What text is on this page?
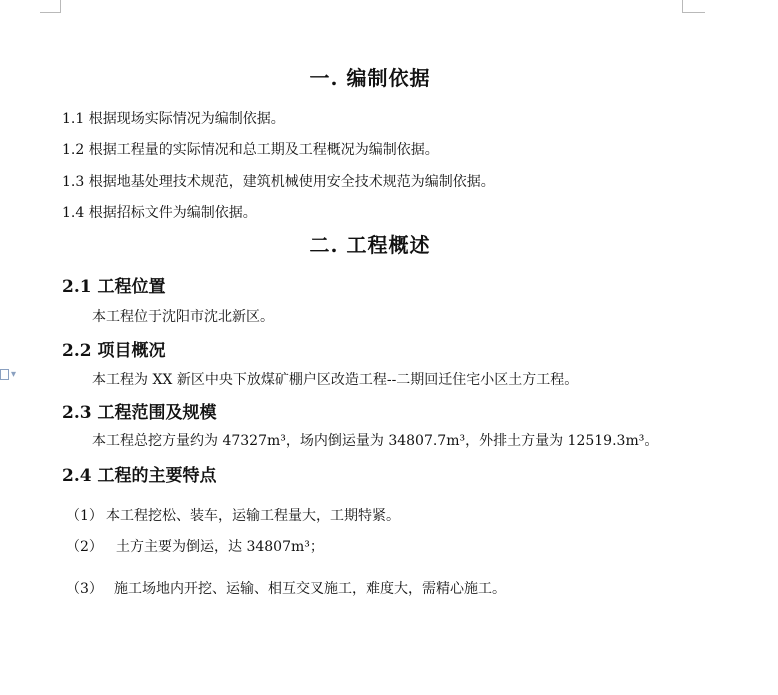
▾
一. 编制依据
1.1 根据现场实际情况为编制依据。
1.2 根据工程量的实际情况和总工期及工程概况为编制依据。
1.3 根据地基处理技术规范，建筑机械使用安全技术规范为编制依据。
1.4 根据招标文件为编制依据。
二. 工程概述
2.1 工程位置
本工程位于沈阳市沈北新区。
2.2 项目概况
本工程为 XX 新区中央下放煤矿棚户区改造工程--二期回迁住宅小区土方工程。
2.3 工程范围及规模
本工程总挖方量约为 47327m³，场内倒运量为 34807.7m³，外排土方量为 12519.3m³。
2.4 工程的主要特点
（1） 本工程挖松、装车，运输工程量大，工期特紧。
（2） 土方主要为倒运，达 34807m³；
（3） 施工场地内开挖、运输、相互交叉施工，难度大，需精心施工。
